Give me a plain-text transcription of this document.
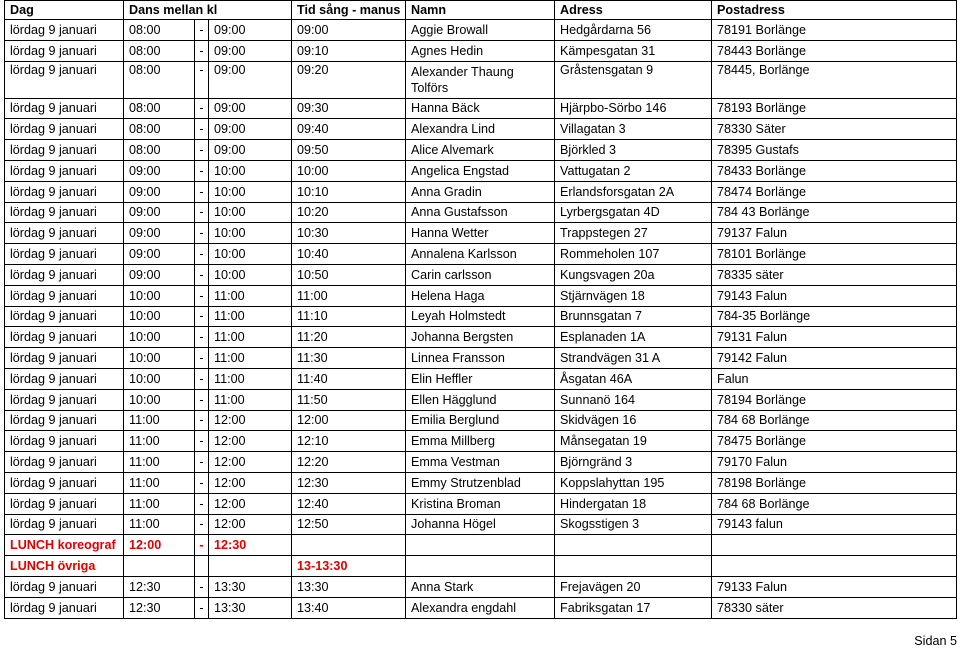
Dag	Dans mellan kl			Tid sång - manus	Namn	Adress	Postadress
lördag 9 januari	08:00	-	09:00	09:00	Aggie Browall	Hedgårdarna 56	78191 Borlänge
lördag 9 januari	08:00	-	09:00	09:10	Agnes Hedin	Kämpesgatan 31	78443 Borlänge
lördag 9 januari	08:00	-	09:00	09:20	Alexander Thaung Tolförs	Gråstensgatan 9	78445, Borlänge
lördag 9 januari	08:00	-	09:00	09:30	Hanna Bäck	Hjärpbo-Sörbo 146	78193 Borlänge
lördag 9 januari	08:00	-	09:00	09:40	Alexandra Lind	Villagatan 3	78330 Säter
lördag 9 januari	08:00	-	09:00	09:50	Alice Alvemark	Björkled 3	78395 Gustafs
lördag 9 januari	09:00	-	10:00	10:00	Angelica Engstad	Vattugatan 2	78433 Borlänge
lördag 9 januari	09:00	-	10:00	10:10	Anna Gradin	Erlandsforsgatan 2A	78474 Borlänge
lördag 9 januari	09:00	-	10:00	10:20	Anna Gustafsson	Lyrbergsgatan 4D	784 43 Borlänge
lördag 9 januari	09:00	-	10:00	10:30	Hanna Wetter	Trappstegen 27	79137 Falun
lördag 9 januari	09:00	-	10:00	10:40	Annalena Karlsson	Rommeholen 107	78101 Borlänge
lördag 9 januari	09:00	-	10:00	10:50	Carin carlsson	Kungsvagen 20a	78335 säter
lördag 9 januari	10:00	-	11:00	11:00	Helena Haga	Stjärnvägen 18	79143 Falun
lördag 9 januari	10:00	-	11:00	11:10	Leyah Holmstedt	Brunnsgatan 7	784-35 Borlänge
lördag 9 januari	10:00	-	11:00	11:20	Johanna Bergsten	Esplanaden 1A	79131 Falun
lördag 9 januari	10:00	-	11:00	11:30	Linnea Fransson	Strandvägen 31 A	79142 Falun
lördag 9 januari	10:00	-	11:00	11:40	Elin Heffler	Åsgatan 46A	Falun
lördag 9 januari	10:00	-	11:00	11:50	Ellen Hägglund	Sunnanö 164	78194 Borlänge
lördag 9 januari	11:00	-	12:00	12:00	Emilia Berglund	Skidvägen 16	784 68 Borlänge
lördag 9 januari	11:00	-	12:00	12:10	Emma Millberg	Månsegatan 19	78475 Borlänge
lördag 9 januari	11:00	-	12:00	12:20	Emma Vestman	Björngränd 3	79170 Falun
lördag 9 januari	11:00	-	12:00	12:30	Emmy Strutzenblad	Koppslahyttan 195	78198 Borlänge
lördag 9 januari	11:00	-	12:00	12:40	Kristina Broman	Hindergatan 18	784 68 Borlänge
lördag 9 januari	11:00	-	12:00	12:50	Johanna Högel	Skogsstigen 3	79143 falun
LUNCH koreograf	12:00	-	12:30				
LUNCH övriga				13-13:30			
lördag 9 januari	12:30	-	13:30	13:30	Anna Stark	Frejavägen 20	79133 Falun
lördag 9 januari	12:30	-	13:30	13:40	Alexandra engdahl	Fabriksgatan 17	78330 säter
Sidan 5
